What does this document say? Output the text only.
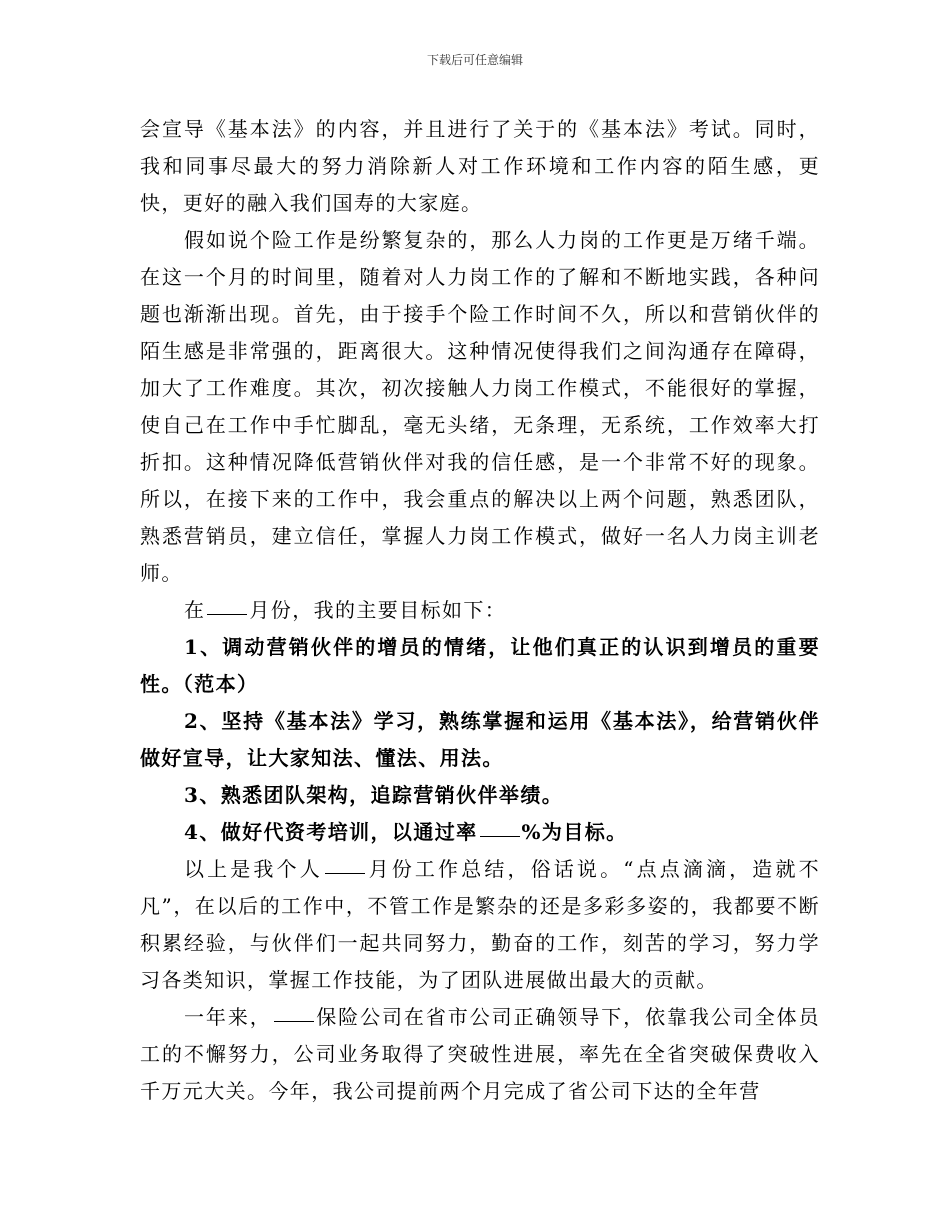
下载后可任意编辑

会宣导《基本法》的内容，并且进行了关于的《基本法》考试。同时，我和同事尽最大的努力消除新人对工作环境和工作内容的陌生感，更快，更好的融入我们国寿的大家庭。

假如说个险工作是纷繁复杂的，那么人力岗的工作更是万绪千端。在这一个月的时间里，随着对人力岗工作的了解和不断地实践，各种问题也渐渐出现。首先，由于接手个险工作时间不久，所以和营销伙伴的陌生感是非常强的，距离很大。这种情况使得我们之间沟通存在障碍，加大了工作难度。其次，初次接触人力岗工作模式，不能很好的掌握，使自己在工作中手忙脚乱，毫无头绪，无条理，无系统，工作效率大打折扣。这种情况降低营销伙伴对我的信任感，是一个非常不好的现象。所以，在接下来的工作中，我会重点的解决以上两个问题，熟悉团队，熟悉营销员，建立信任，掌握人力岗工作模式，做好一名人力岗主训老师。

在 月份，我的主要目标如下：

1、调动营销伙伴的增员的情绪，让他们真正的认识到增员的重要性。（范本）

2、坚持《基本法》学习，熟练掌握和运用《基本法》，给营销伙伴做好宣导，让大家知法、懂法、用法。

3、熟悉团队架构，追踪营销伙伴举绩。

4、做好代资考培训，以通过率 %为目标。

以上是我个人 月份工作总结，俗话说。“点点滴滴，造就不凡”，在以后的工作中，不管工作是繁杂的还是多彩多姿的，我都要不断积累经验，与伙伴们一起共同努力，勤奋的工作，刻苦的学习，努力学习各类知识，掌握工作技能，为了团队进展做出最大的贡献。

一年来， 保险公司在省市公司正确领导下，依靠我公司全体员工的不懈努力，公司业务取得了突破性进展，率先在全省突破保费收入千万元大关。今年，我公司提前两个月完成了省公司下达的全年营
